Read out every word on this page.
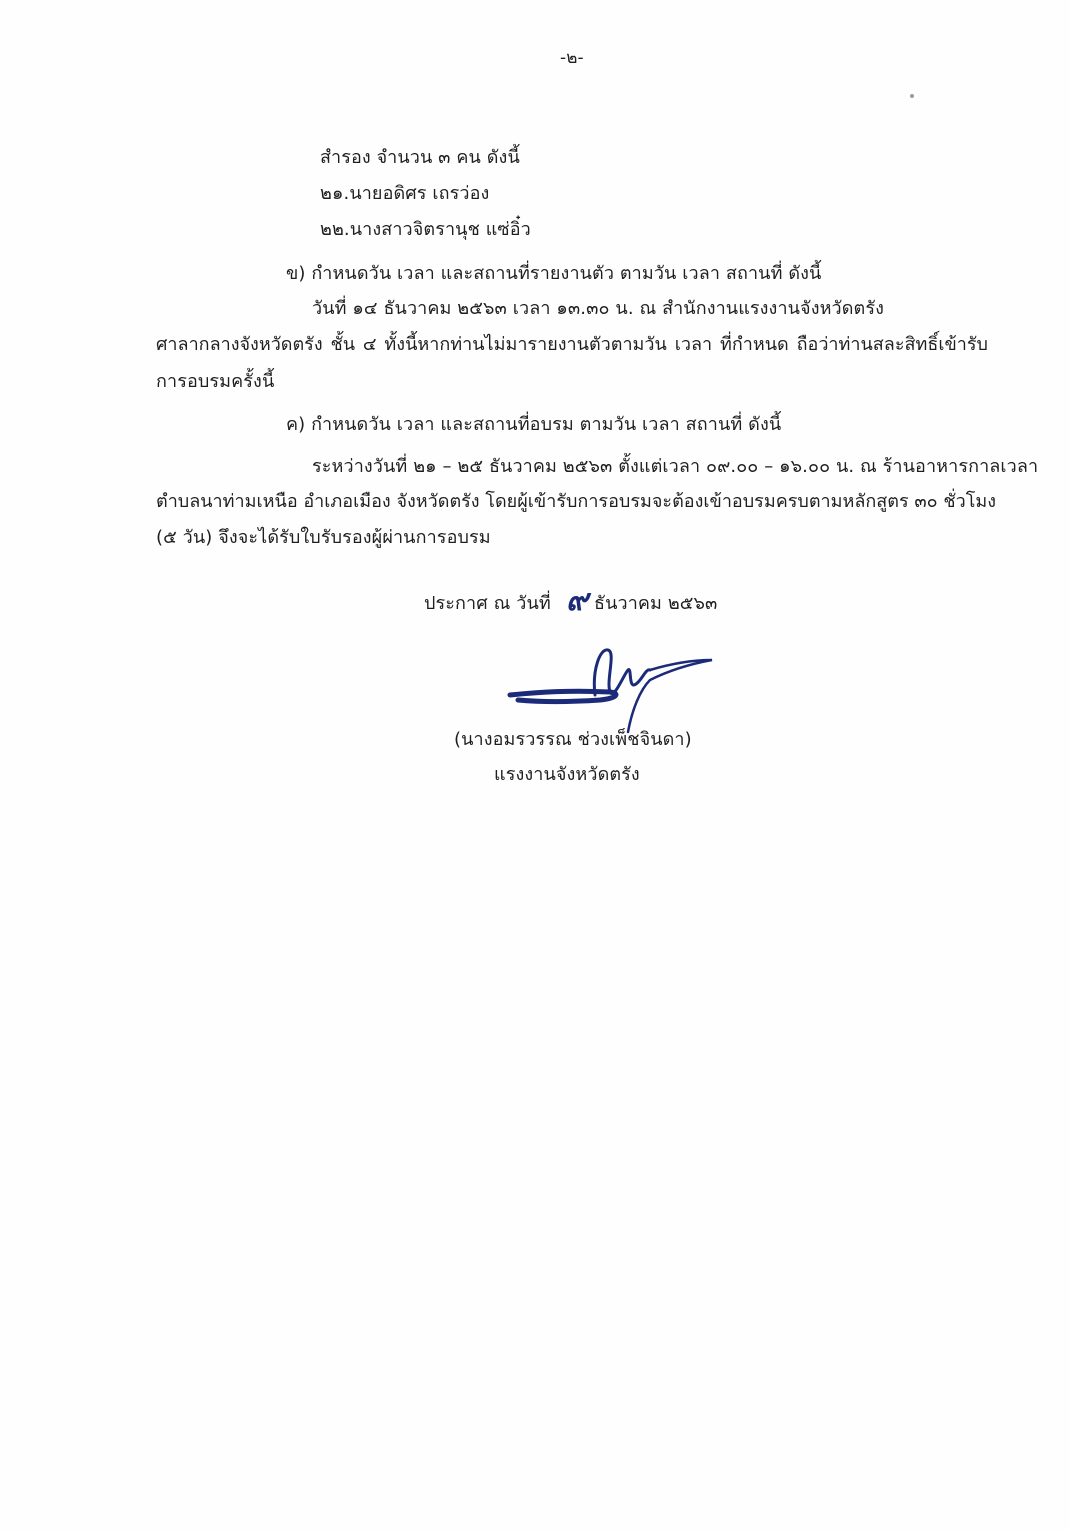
-๒-
สำรอง จำนวน ๓ คน ดังนี้
๒๑.นายอดิศร เถรว่อง
๒๒.นางสาวจิตรานุช แซ่อิ๋ว
ข) กำหนดวัน เวลา และสถานที่รายงานตัว ตามวัน เวลา สถานที่ ดังนี้
วันที่ ๑๔ ธันวาคม ๒๕๖๓ เวลา ๑๓.๓๐ น. ณ สำนักงานแรงงานจังหวัดตรัง
ศาลากลางจังหวัดตรัง ชั้น ๔ ทั้งนี้หากท่านไม่มารายงานตัวตามวัน เวลา ที่กำหนด ถือว่าท่านสละสิทธิ์เข้ารับ
การอบรมครั้งนี้
ค) กำหนดวัน เวลา และสถานที่อบรม ตามวัน เวลา สถานที่ ดังนี้
ระหว่างวันที่ ๒๑ – ๒๕ ธันวาคม ๒๕๖๓ ตั้งแต่เวลา ๐๙.๐๐ – ๑๖.๐๐ น. ณ ร้านอาหารกาลเวลา
ตำบลนาท่ามเหนือ อำเภอเมือง จังหวัดตรัง โดยผู้เข้ารับการอบรมจะต้องเข้าอบรมครบตามหลักสูตร ๓๐ ชั่วโมง
(๕ วัน) จึงจะได้รับใบรับรองผู้ผ่านการอบรม
ประกาศ ณ วันที่ ๙ ธันวาคม ๒๕๖๓
(นางอมรวรรณ ช่วงเพ็ชจินดา)
แรงงานจังหวัดตรัง
